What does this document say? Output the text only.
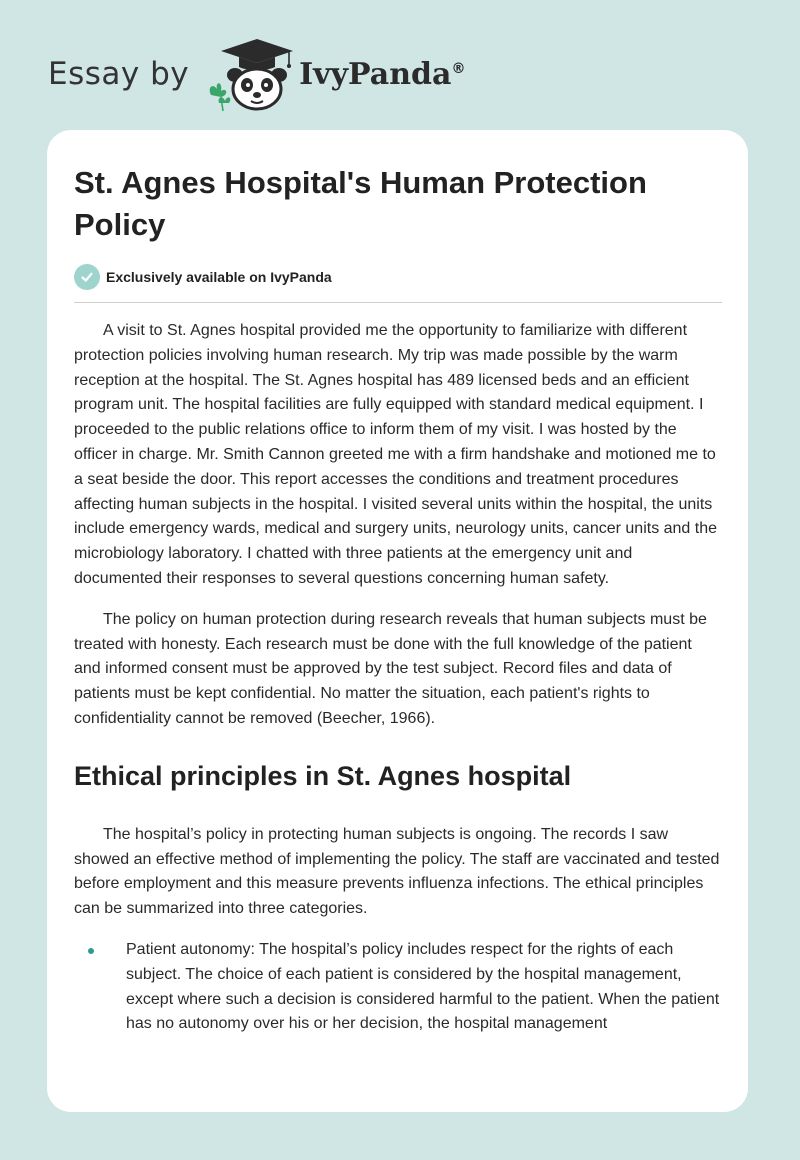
Essay by	IvyPanda®
St. Agnes Hospital's Human Protection Policy
Exclusively available on IvyPanda

A visit to St. Agnes hospital provided me the opportunity to familiarize with different protection policies involving human research. My trip was made possible by the warm reception at the hospital. The St. Agnes hospital has 489 licensed beds and an efficient program unit. The hospital facilities are fully equipped with standard medical equipment. I proceeded to the public relations office to inform them of my visit. I was hosted by the officer in charge. Mr. Smith Cannon greeted me with a firm handshake and motioned me to a seat beside the door. This report accesses the conditions and treatment procedures affecting human subjects in the hospital. I visited several units within the hospital, the units include emergency wards, medical and surgery units, neurology units, cancer units and the microbiology laboratory. I chatted with three patients at the emergency unit and documented their responses to several questions concerning human safety.

The policy on human protection during research reveals that human subjects must be treated with honesty. Each research must be done with the full knowledge of the patient and informed consent must be approved by the test subject. Record files and data of patients must be kept confidential. No matter the situation, each patient's rights to confidentiality cannot be removed (Beecher, 1966).

Ethical principles in St. Agnes hospital

The hospital’s policy in protecting human subjects is ongoing. The records I saw showed an effective method of implementing the policy. The staff are vaccinated and tested before employment and this measure prevents influenza infections. The ethical principles can be summarized into three categories.

Patient autonomy: The hospital’s policy includes respect for the rights of each subject. The choice of each patient is considered by the hospital management, except where such a decision is considered harmful to the patient. When the patient has no autonomy over his or her decision, the hospital management
